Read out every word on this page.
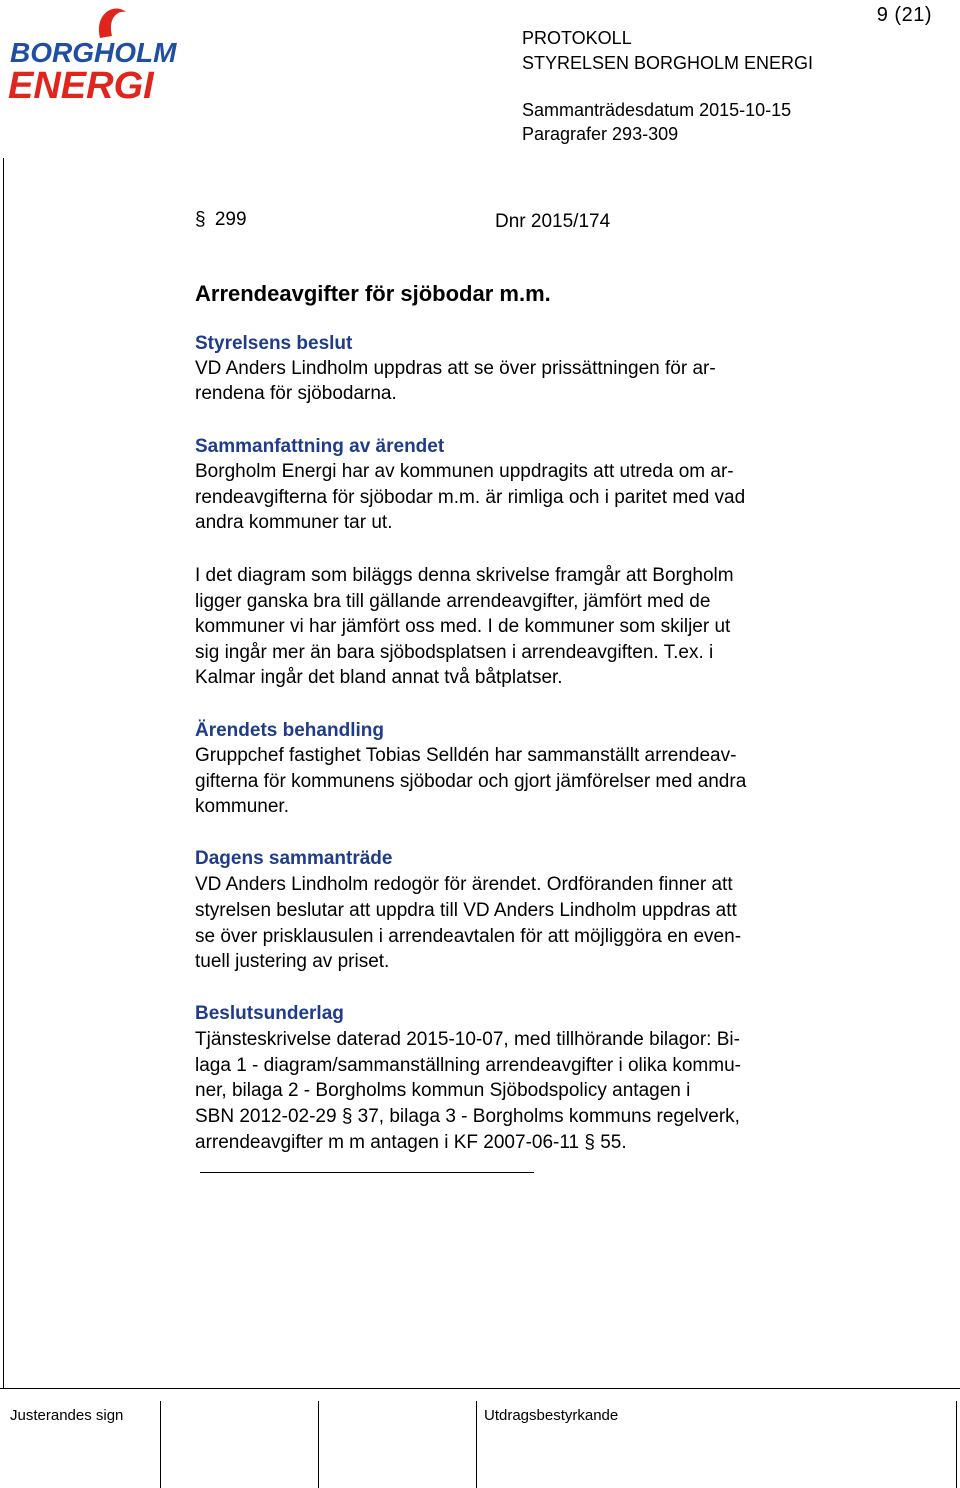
BORGHOLM
ENERGI
9 (21)
PROTOKOLL
STYRELSEN BORGHOLM ENERGI
Sammanträdesdatum 2015-10-15
Paragrafer 293-309
§ 299	Dnr 2015/174
Arrendeavgifter för sjöbodar m.m.
Styrelsens beslut
VD Anders Lindholm uppdras att se över prissättningen för ar-
rendena för sjöbodarna.
Sammanfattning av ärendet
Borgholm Energi har av kommunen uppdragits att utreda om ar-
rendeavgifterna för sjöbodar m.m. är rimliga och i paritet med vad
andra kommuner tar ut.
I det diagram som biläggs denna skrivelse framgår att Borgholm
ligger ganska bra till gällande arrendeavgifter, jämfört med de
kommuner vi har jämfört oss med. I de kommuner som skiljer ut
sig ingår mer än bara sjöbodsplatsen i arrendeavgiften. T.ex. i
Kalmar ingår det bland annat två båtplatser.
Ärendets behandling
Gruppchef fastighet Tobias Selldén har sammanställt arrendeav-
gifterna för kommunens sjöbodar och gjort jämförelser med andra
kommuner.
Dagens sammanträde
VD Anders Lindholm redogör för ärendet. Ordföranden finner att
styrelsen beslutar att uppdra till VD Anders Lindholm uppdras att
se över prisklausulen i arrendeavtalen för att möjliggöra en even-
tuell justering av priset.
Beslutsunderlag
Tjänsteskrivelse daterad 2015-10-07, med tillhörande bilagor: Bi-
laga 1 - diagram/sammanställning arrendeavgifter i olika kommu-
ner, bilaga 2 - Borgholms kommun Sjöbodspolicy antagen i
SBN 2012-02-29 § 37, bilaga 3 - Borgholms kommuns regelverk,
arrendeavgifter m m antagen i KF 2007-06-11 § 55.
Justerandes sign	Utdragsbestyrkande
